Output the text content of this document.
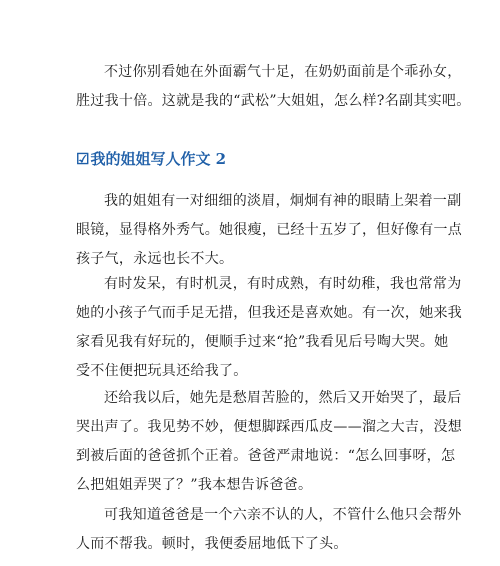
不过你别看她在外面霸气十足，在奶奶面前是个乖孙女，
胜过我十倍。这就是我的“武松”大姐姐，怎么样?名副其实吧。
☑我的姐姐写人作文 2
我的姐姐有一对细细的淡眉，炯炯有神的眼睛上架着一副
眼镜，显得格外秀气。她很瘦，已经十五岁了，但好像有一点
孩子气，永远也长不大。
有时发呆，有时机灵，有时成熟，有时幼稚，我也常常为
她的小孩子气而手足无措，但我还是喜欢她。有一次，她来我
家看见我有好玩的，便顺手过来“抢”我看见后号啕大哭。她
受不住便把玩具还给我了。
还给我以后，她先是愁眉苦脸的，然后又开始哭了，最后
哭出声了。我见势不妙，便想脚踩西瓜皮——溜之大吉，没想
到被后面的爸爸抓个正着。爸爸严肃地说：“怎么回事呀，怎
么把姐姐弄哭了？”我本想告诉爸爸。
可我知道爸爸是一个六亲不认的人，不管什么他只会帮外
人而不帮我。顿时，我便委屈地低下了头。
